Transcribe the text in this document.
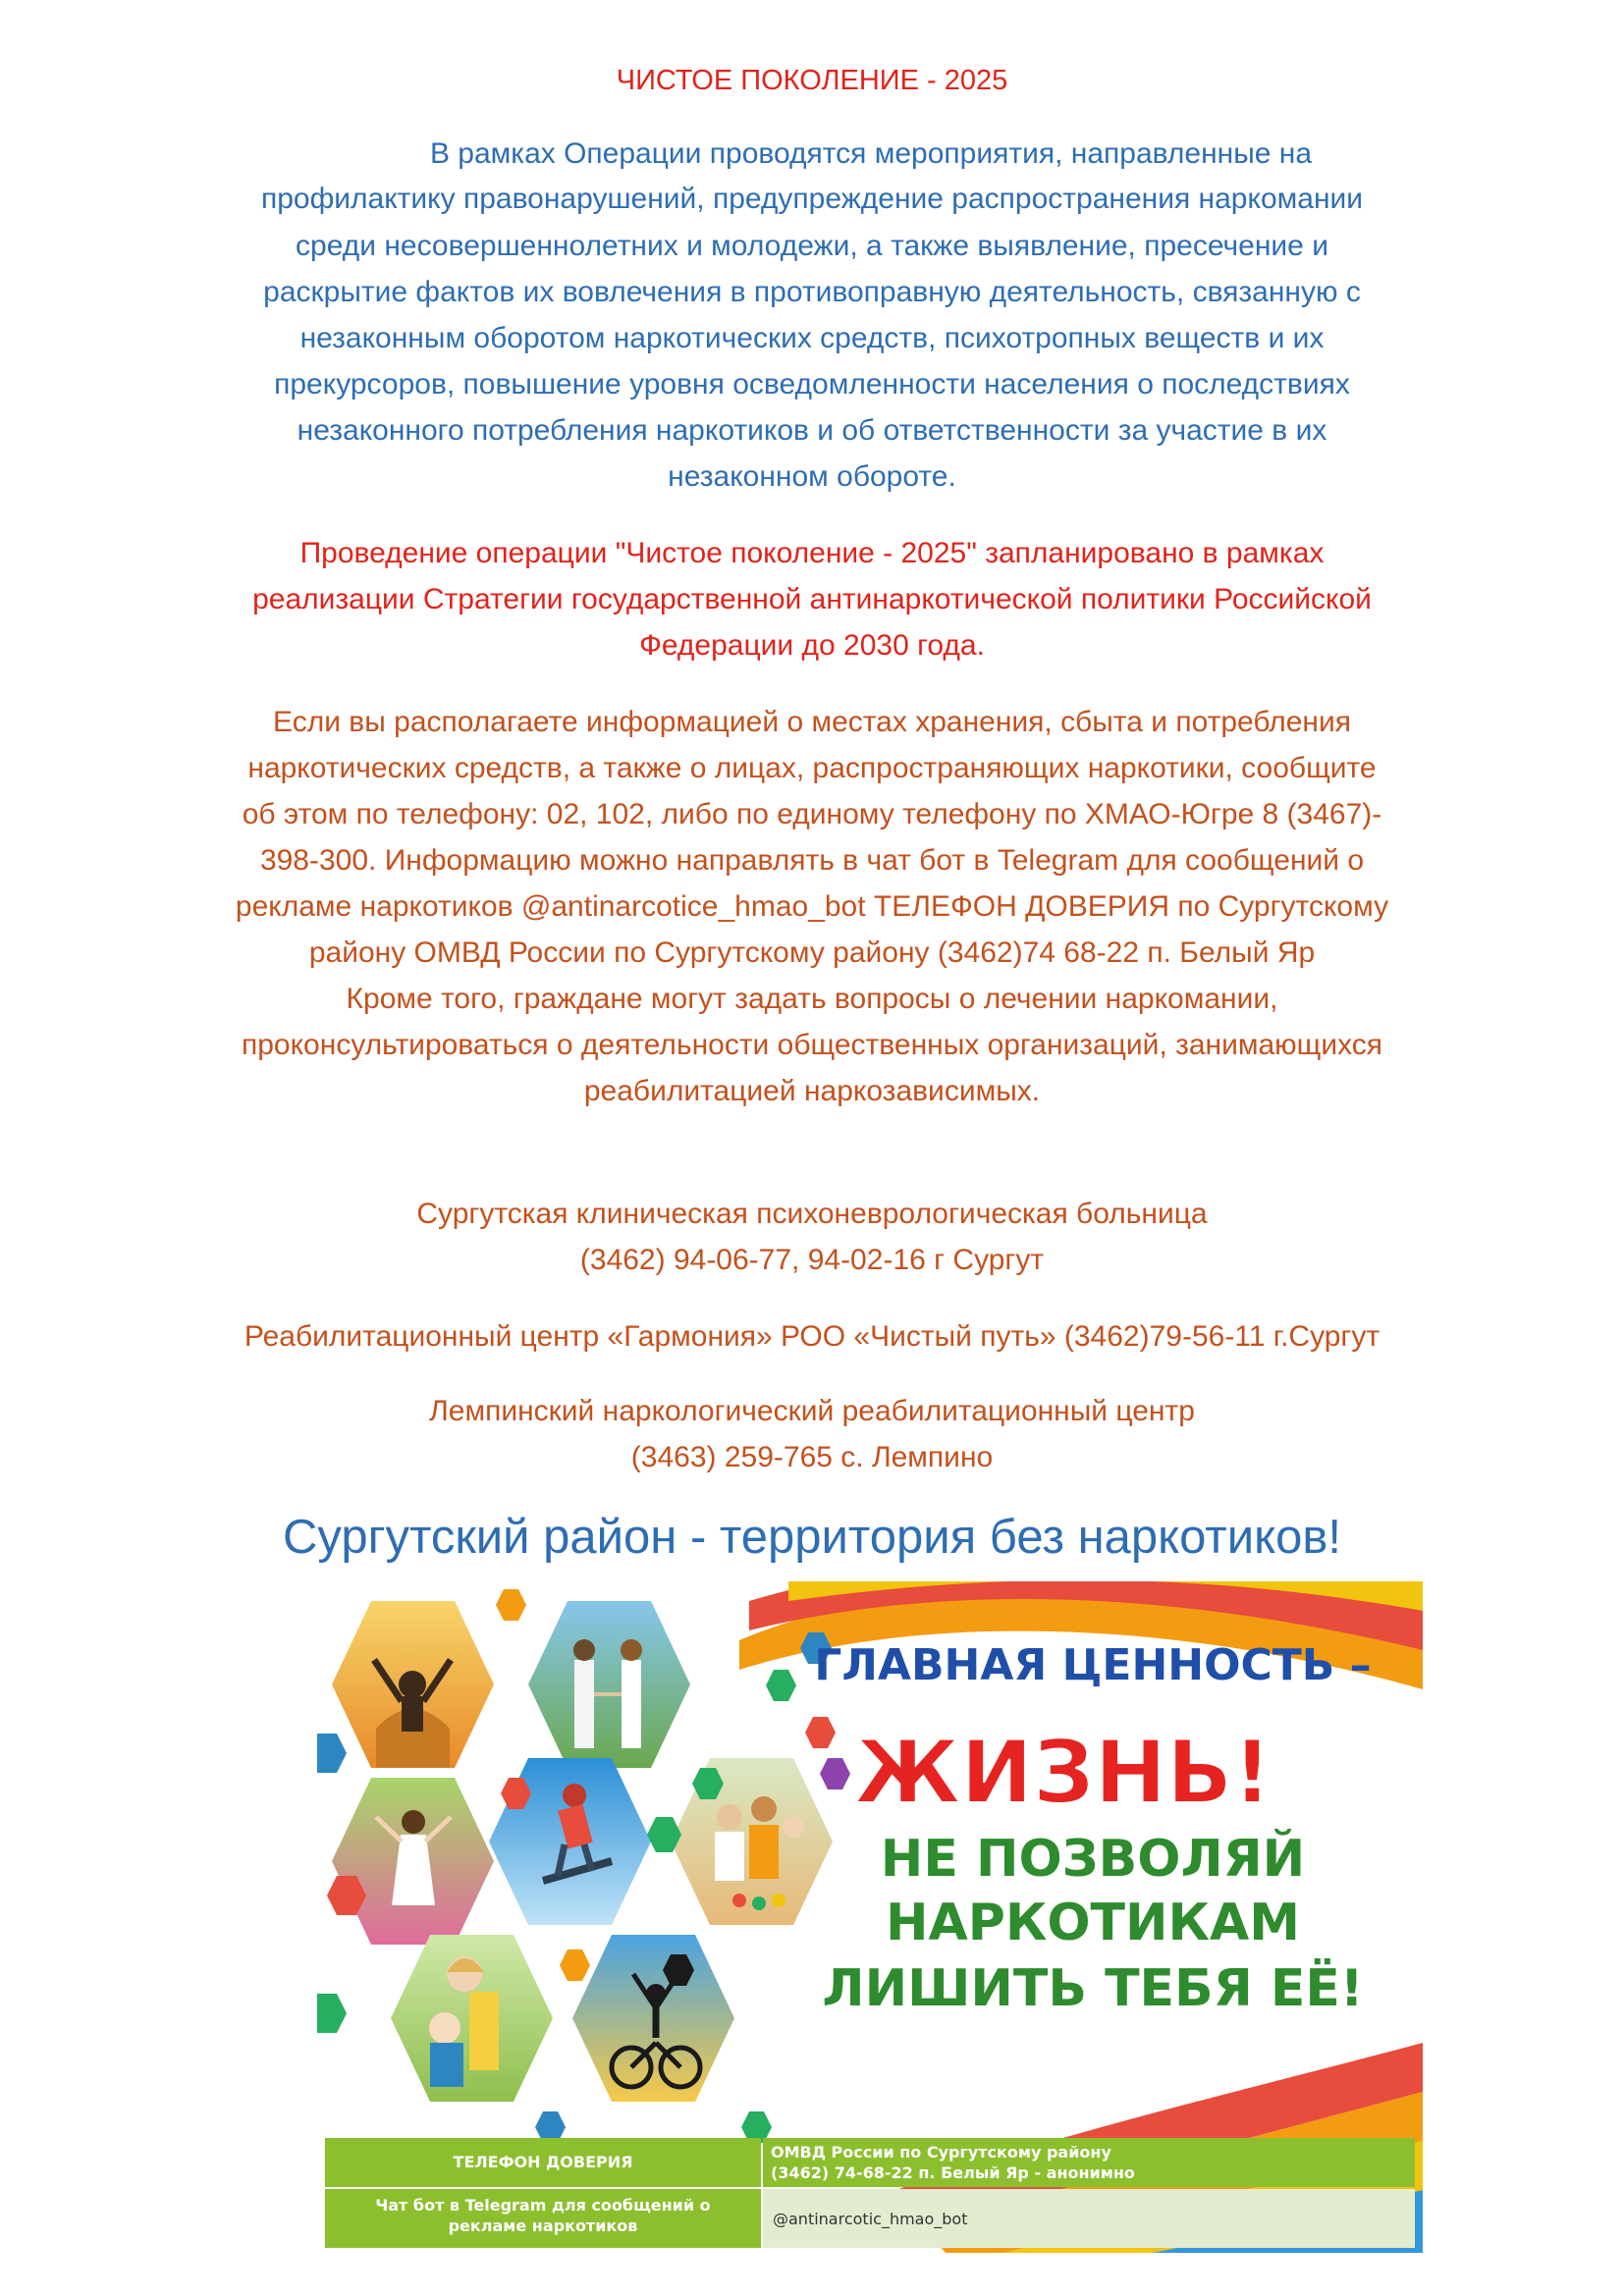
ЧИСТОЕ ПОКОЛЕНИЕ - 2025
В рамках Операции проводятся мероприятия, направленные на
профилактику правонарушений, предупреждение распространения наркомании
среди несовершеннолетних и молодежи, а также выявление, пресечение и
раскрытие фактов их вовлечения в противоправную деятельность, связанную с
незаконным оборотом наркотических средств, психотропных веществ и их
прекурсоров, повышение уровня осведомленности населения о последствиях
незаконного потребления наркотиков и об ответственности за участие в их
незаконном обороте.
Проведение операции "Чистое поколение - 2025" запланировано в рамках
реализации Стратегии государственной антинаркотической политики Российской
Федерации до 2030 года.
Если вы располагаете информацией о местах хранения, сбыта и потребления
наркотических средств, а также о лицах, распространяющих наркотики, сообщите
об этом по телефону: 02, 102, либо по единому телефону по ХМАО-Югре 8 (3467)-
398-300. Информацию можно направлять в чат бот в Telegram для сообщений о
рекламе наркотиков @antinarcotice_hmao_bot ТЕЛЕФОН ДОВЕРИЯ по Сургутскому
району ОМВД России по Сургутскому району (3462)74 68-22 п. Белый Яр
Кроме того, граждане могут задать вопросы о лечении наркомании,
проконсультироваться о деятельности общественных организаций, занимающихся
реабилитацией наркозависимых.
Сургутская клиническая психоневрологическая больница
(3462) 94-06-77, 94-02-16 г Сургут
Реабилитационный центр «Гармония» РОО «Чистый путь» (3462)79-56-11 г.Сургут
Лемпинский наркологический реабилитационный центр
(3463) 259-765 с. Лемпино
Сургутский район - территория без наркотиков!
ГЛАВНАЯ ЦЕННОСТЬ –
ЖИЗНЬ!
НЕ ПОЗВОЛЯЙ
НАРКОТИКАМ
ЛИШИТЬ ТЕБЯ ЕЁ!
ТЕЛЕФОН ДОВЕРИЯ
ОМВД России по Сургутскому району
(3462) 74-68-22 п. Белый Яр - анонимно
Чат бот в Telegram для сообщений о
рекламе наркотиков	@antinarcotic_hmao_bot
